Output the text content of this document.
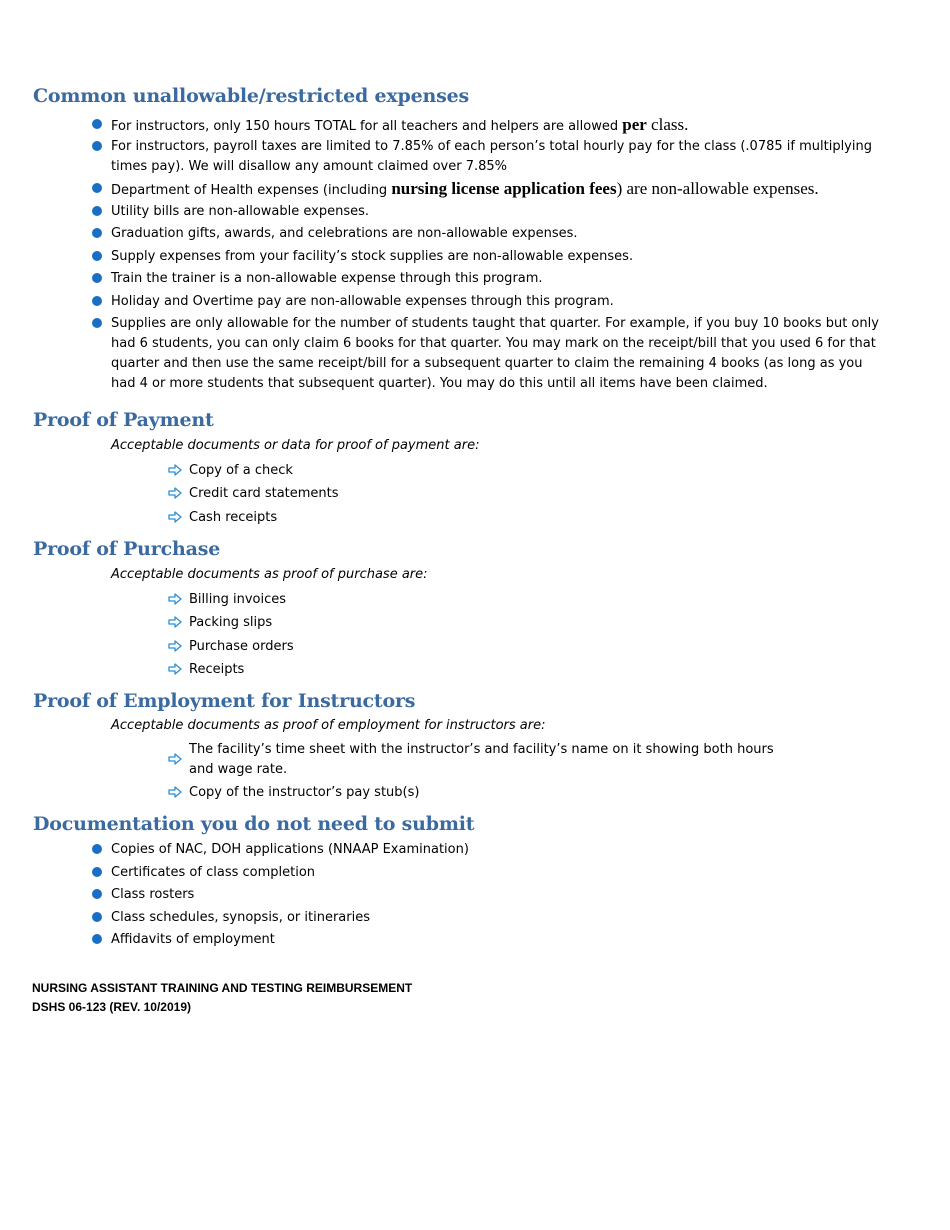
Common unallowable/restricted expenses
For instructors, only 150 hours TOTAL for all teachers and helpers are allowed per class.
For instructors, payroll taxes are limited to 7.85% of each person’s total hourly pay for the class (.0785 if multiplying times pay). We will disallow any amount claimed over 7.85%
Department of Health expenses (including nursing license application fees) are non-allowable expenses.
Utility bills are non-allowable expenses.
Graduation gifts, awards, and celebrations are non-allowable expenses.
Supply expenses from your facility’s stock supplies are non-allowable expenses.
Train the trainer is a non-allowable expense through this program.
Holiday and Overtime pay are non-allowable expenses through this program.
Supplies are only allowable for the number of students taught that quarter. For example, if you buy 10 books but only had 6 students, you can only claim 6 books for that quarter. You may mark on the receipt/bill that you used 6 for that quarter and then use the same receipt/bill for a subsequent quarter to claim the remaining 4 books (as long as you had 4 or more students that subsequent quarter). You may do this until all items have been claimed.
Proof of Payment

Acceptable documents or data for proof of payment are:

Copy of a check
Credit card statements
Cash receipts
Proof of Purchase

Acceptable documents as proof of purchase are:

Billing invoices
Packing slips
Purchase orders
Receipts
Proof of Employment for Instructors

Acceptable documents as proof of employment for instructors are:

The facility’s time sheet with the instructor’s and facility’s name on it showing both hours and wage rate.
Copy of the instructor’s pay stub(s)
Documentation you do not need to submit
Copies of NAC, DOH applications (NNAAP Examination)
Certificates of class completion
Class rosters
Class schedules, synopsis, or itineraries
Affidavits of employment

NURSING ASSISTANT TRAINING AND TESTING REIMBURSEMENT

DSHS 06-123 (REV. 10/2019)
